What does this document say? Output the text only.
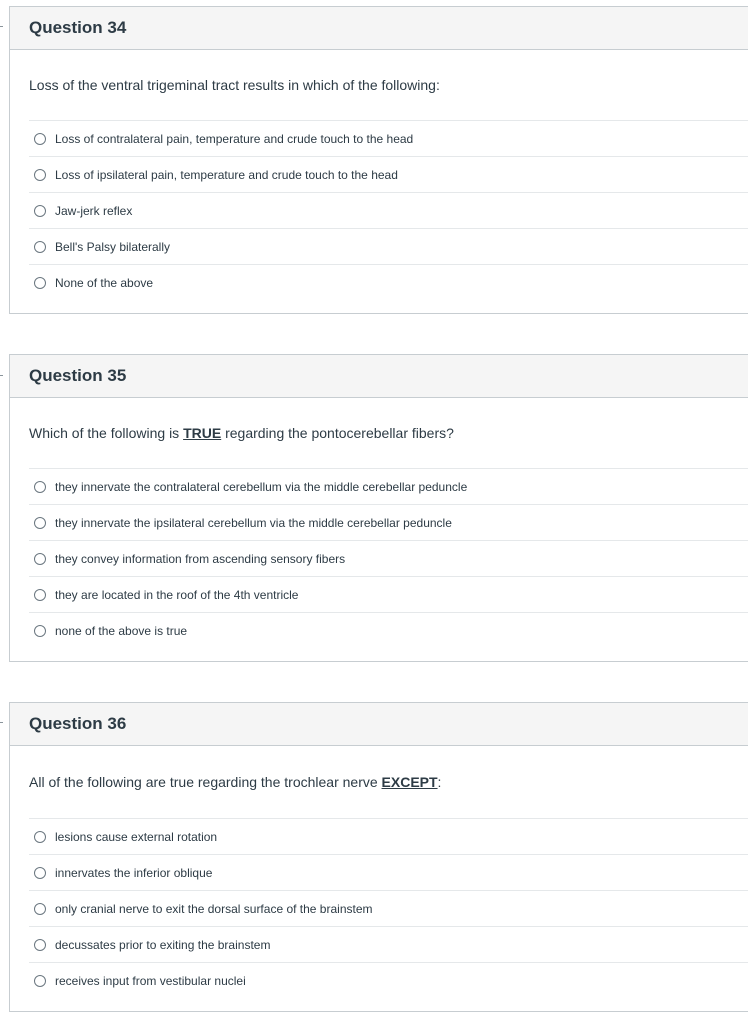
Question 34
Loss of the ventral trigeminal tract results in which of the following:
Loss of contralateral pain, temperature and crude touch to the head
Loss of ipsilateral pain, temperature and crude touch to the head
Jaw-jerk reflex
Bell's Palsy bilaterally
None of the above
Question 35
Which of the following is TRUE regarding the pontocerebellar fibers?
they innervate the contralateral cerebellum via the middle cerebellar peduncle
they innervate the ipsilateral cerebellum via the middle cerebellar peduncle
they convey information from ascending sensory fibers
they are located in the roof of the 4th ventricle
none of the above is true
Question 36
All of the following are true regarding the trochlear nerve EXCEPT:
lesions cause external rotation
innervates the inferior oblique
only cranial nerve to exit the dorsal surface of the brainstem
decussates prior to exiting the brainstem
receives input from vestibular nuclei
